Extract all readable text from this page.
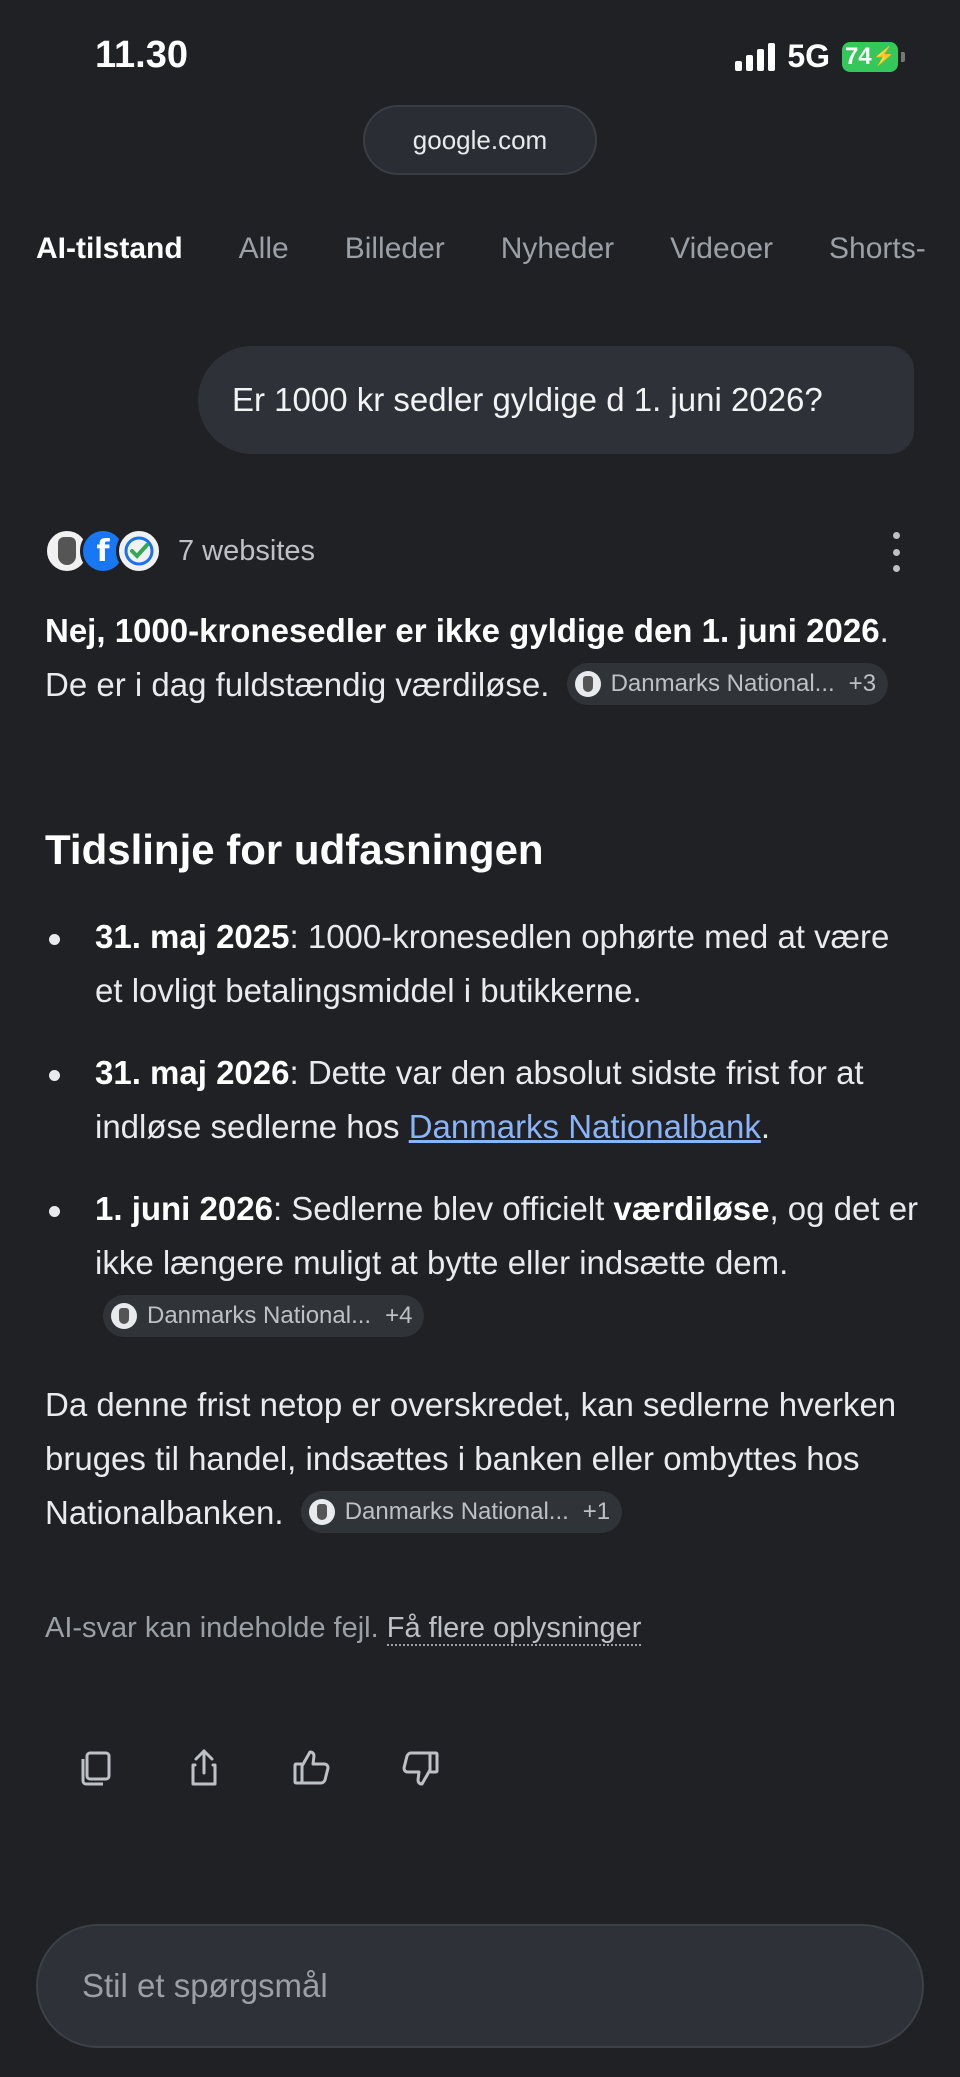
11.30	5G 74 ⚡
google.com
AI-tilstand Alle Billeder Nyheder Videoer Shorts-
Er 1000 kr sedler gyldige d 1. juni 2026?
f 7 websites
Nej, 1000-kronesedler er ikke gyldige den 1. juni 2026. De er i dag fuldstændig værdiløse.	Danmarks National... +3
Tidslinje for udfasningen
31. maj 2025: 1000-kronesedlen ophørte med at være et lovligt betalingsmiddel i butikkerne.
31. maj 2026: Dette var den absolut sidste frist for at indløse sedlerne hos Danmarks Nationalbank.
1. juni 2026: Sedlerne blev officielt værdiløse, og det er ikke længere muligt at bytte eller indsætte dem.
Danmarks National... +4
Da denne frist netop er overskredet, kan sedlerne hverken bruges til handel, indsættes i banken eller ombyttes hos Nationalbanken.	Danmarks National... +1
AI-svar kan indeholde fejl. Få flere oplysninger
Stil et spørgsmål
